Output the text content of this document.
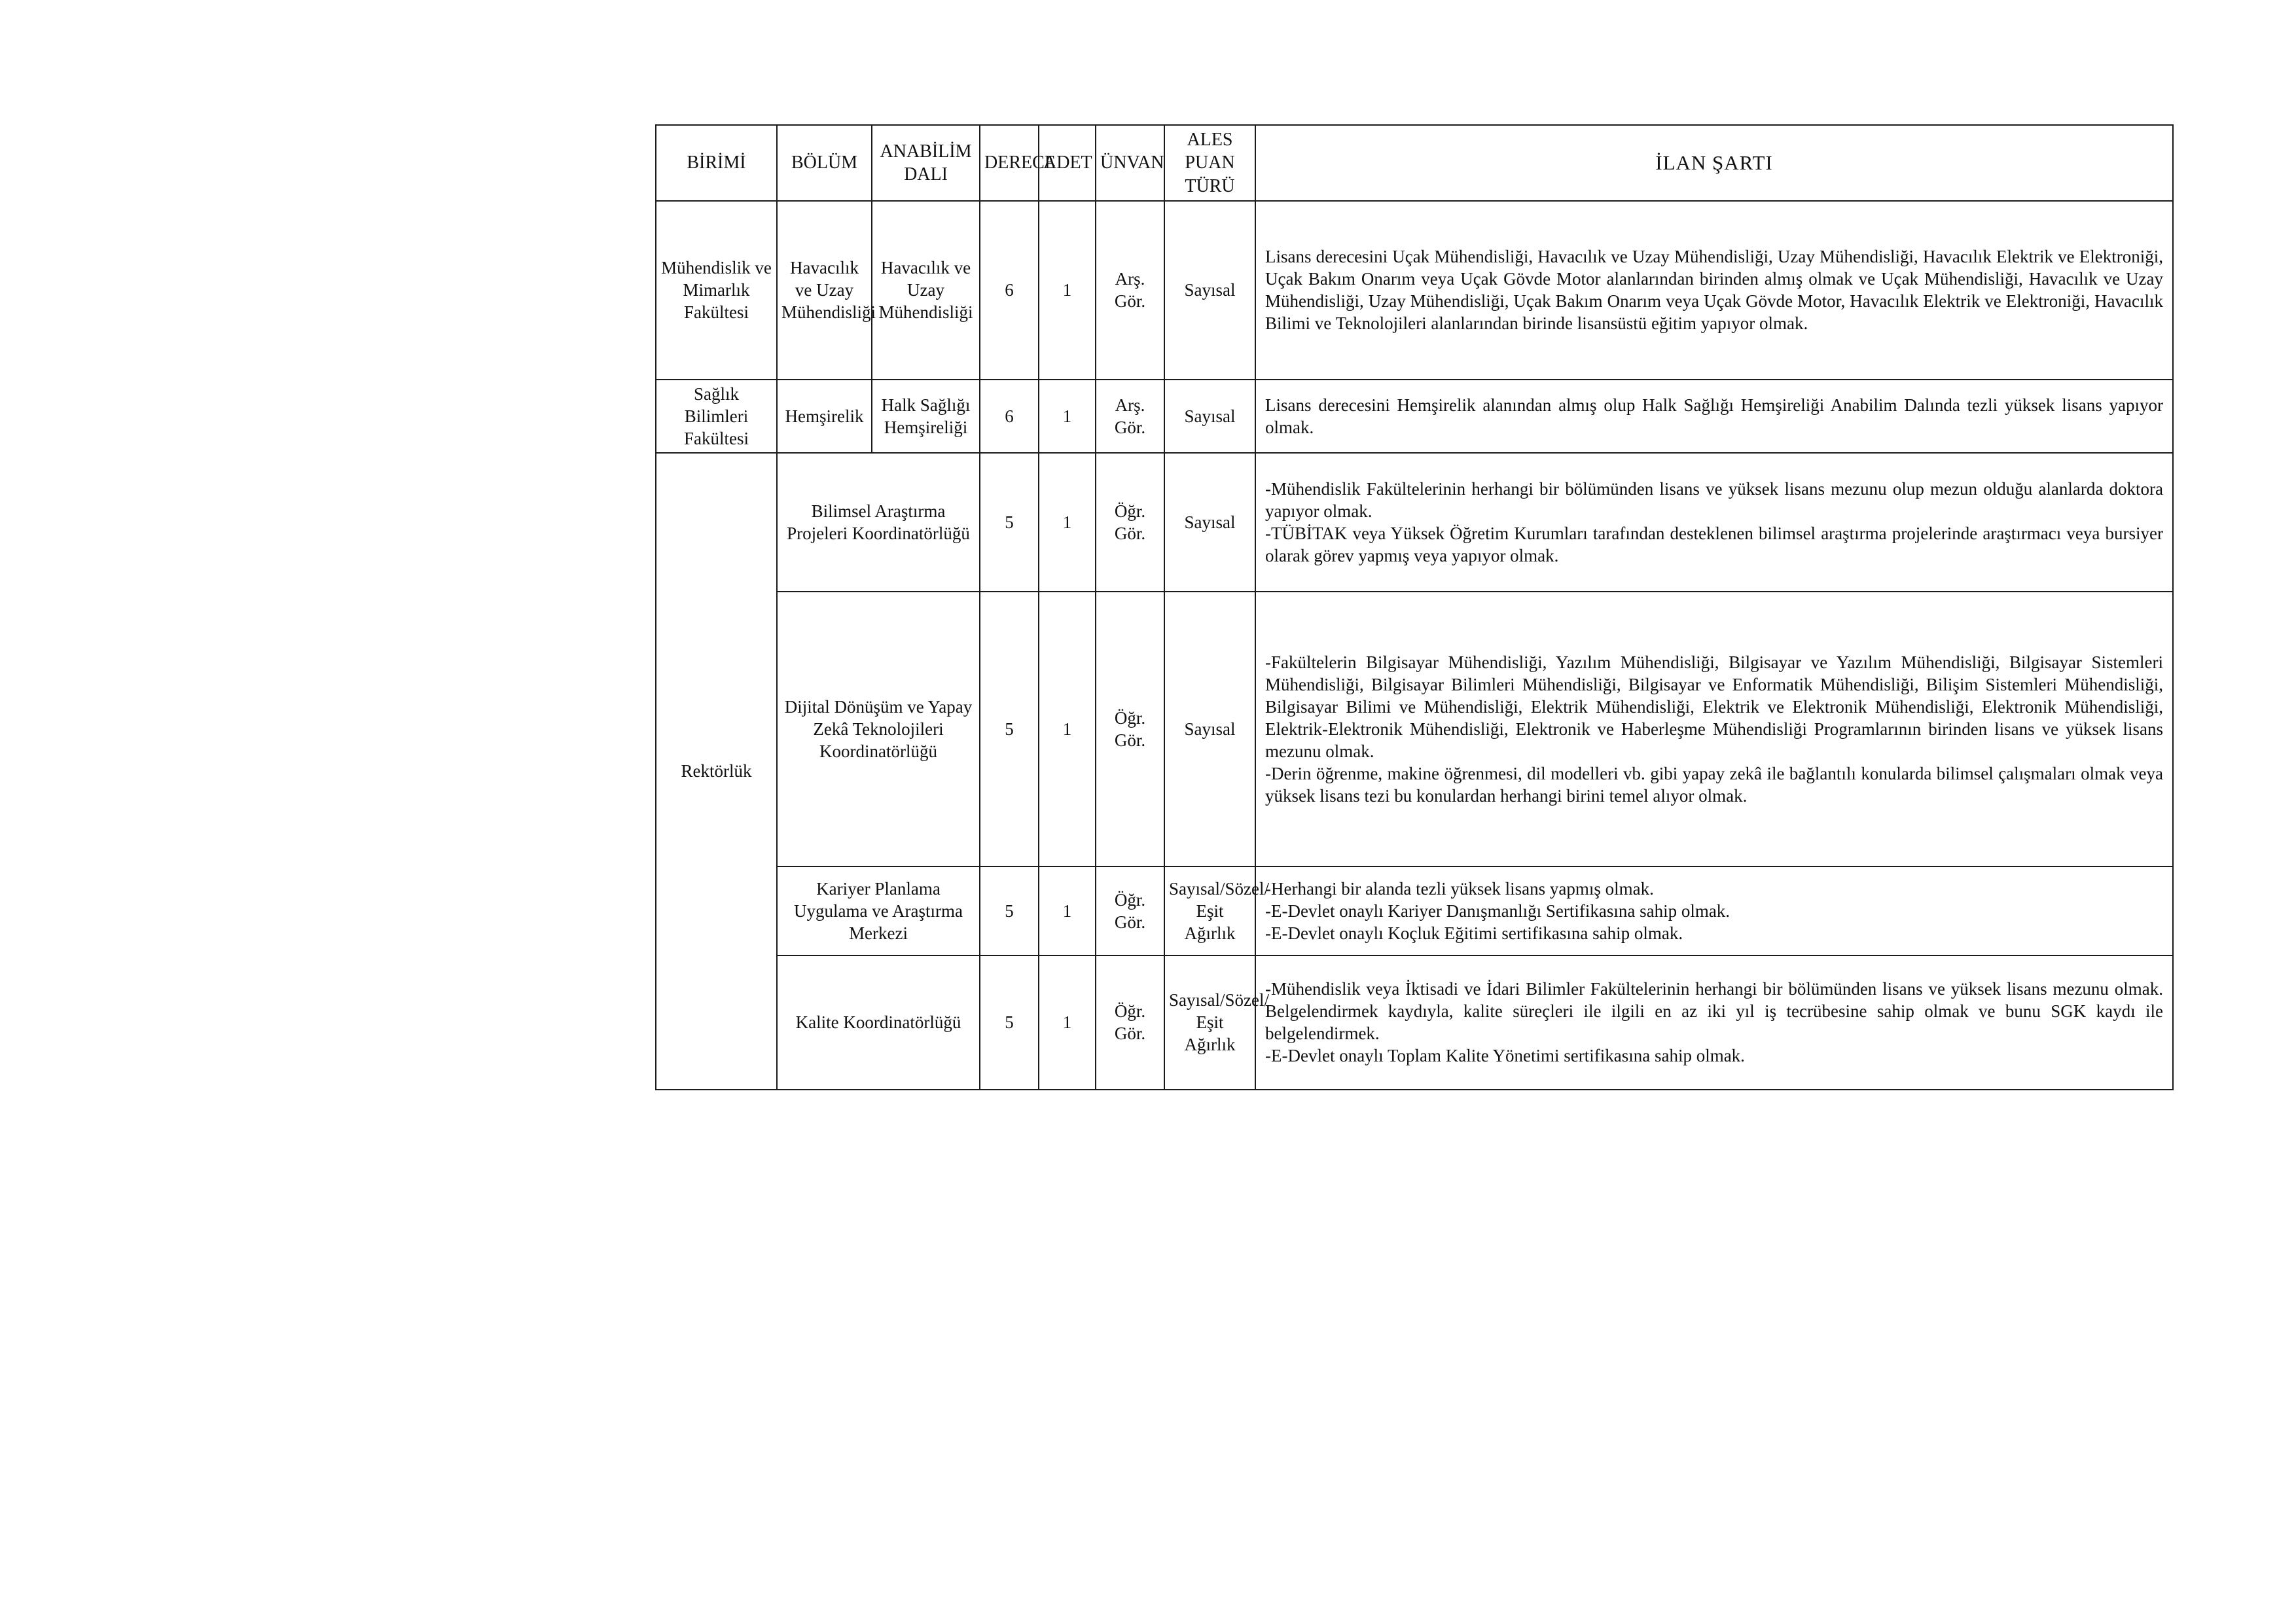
BİRİMİ	BÖLÜM	ANABİLİM DALI	DERECE	ADET	ÜNVAN	ALES PUAN TÜRÜ	İLAN ŞARTI
Mühendislik ve Mimarlık Fakültesi	Havacılık ve Uzay Mühendisliği	Havacılık ve Uzay Mühendisliği	6	1	Arş. Gör.	Sayısal	Lisans derecesini Uçak Mühendisliği, Havacılık ve Uzay Mühendisliği, Uzay Mühendisliği, Havacılık Elektrik ve Elektroniği, Uçak Bakım Onarım veya Uçak Gövde Motor alanlarından birinden almış olmak ve Uçak Mühendisliği, Havacılık ve Uzay Mühendisliği, Uzay Mühendisliği, Uçak Bakım Onarım veya Uçak Gövde Motor, Havacılık Elektrik ve Elektroniği, Havacılık Bilimi ve Teknolojileri alanlarından birinde lisansüstü eğitim yapıyor olmak.

Sağlık Bilimleri Fakültesi	Hemşirelik	Halk Sağlığı Hemşireliği	6	1	Arş. Gör.	Sayısal	Lisans derecesini Hemşirelik alanından almış olup Halk Sağlığı Hemşireliği Anabilim Dalında tezli yüksek lisans yapıyor olmak.

Rektörlük	Bilimsel Araştırma Projeleri Koordinatörlüğü		5	1	Öğr. Gör.	Sayısal	-Mühendislik Fakültelerinin herhangi bir bölümünden lisans ve yüksek lisans mezunu olup mezun olduğu alanlarda doktora yapıyor olmak.
-TÜBİTAK veya Yüksek Öğretim Kurumları tarafından desteklenen bilimsel araştırma projelerinde araştırmacı veya bursiyer olarak görev yapmış veya yapıyor olmak.

	Dijital Dönüşüm ve Yapay Zekâ Teknolojileri Koordinatörlüğü		5	1	Öğr. Gör.	Sayısal	-Fakültelerin Bilgisayar Mühendisliği, Yazılım Mühendisliği, Bilgisayar ve Yazılım Mühendisliği, Bilgisayar Sistemleri Mühendisliği, Bilgisayar Bilimleri Mühendisliği, Bilgisayar ve Enformatik Mühendisliği, Bilişim Sistemleri Mühendisliği, Bilgisayar Bilimi ve Mühendisliği, Elektrik Mühendisliği, Elektrik ve Elektronik Mühendisliği, Elektronik Mühendisliği, Elektrik-Elektronik Mühendisliği, Elektronik ve Haberleşme Mühendisliği Programlarının birinden lisans ve yüksek lisans mezunu olmak.
-Derin öğrenme, makine öğrenmesi, dil modelleri vb. gibi yapay zekâ ile bağlantılı konularda bilimsel çalışmaları olmak veya yüksek lisans tezi bu konulardan herhangi birini temel alıyor olmak.

	Kariyer Planlama Uygulama ve Araştırma Merkezi		5	1	Öğr. Gör.	Sayısal/Sözel/ Eşit Ağırlık	-Herhangi bir alanda tezli yüksek lisans yapmış olmak.
-E-Devlet onaylı Kariyer Danışmanlığı Sertifikasına sahip olmak.
-E-Devlet onaylı Koçluk Eğitimi sertifikasına sahip olmak.

	Kalite Koordinatörlüğü		5	1	Öğr. Gör.	Sayısal/Sözel/ Eşit Ağırlık	-Mühendislik veya İktisadi ve İdari Bilimler Fakültelerinin herhangi bir bölümünden lisans ve yüksek lisans mezunu olmak. Belgelendirmek kaydıyla, kalite süreçleri ile ilgili en az iki yıl iş tecrübesine sahip olmak ve bunu SGK kaydı ile belgelendirmek.
-E-Devlet onaylı Toplam Kalite Yönetimi sertifikasına sahip olmak.
